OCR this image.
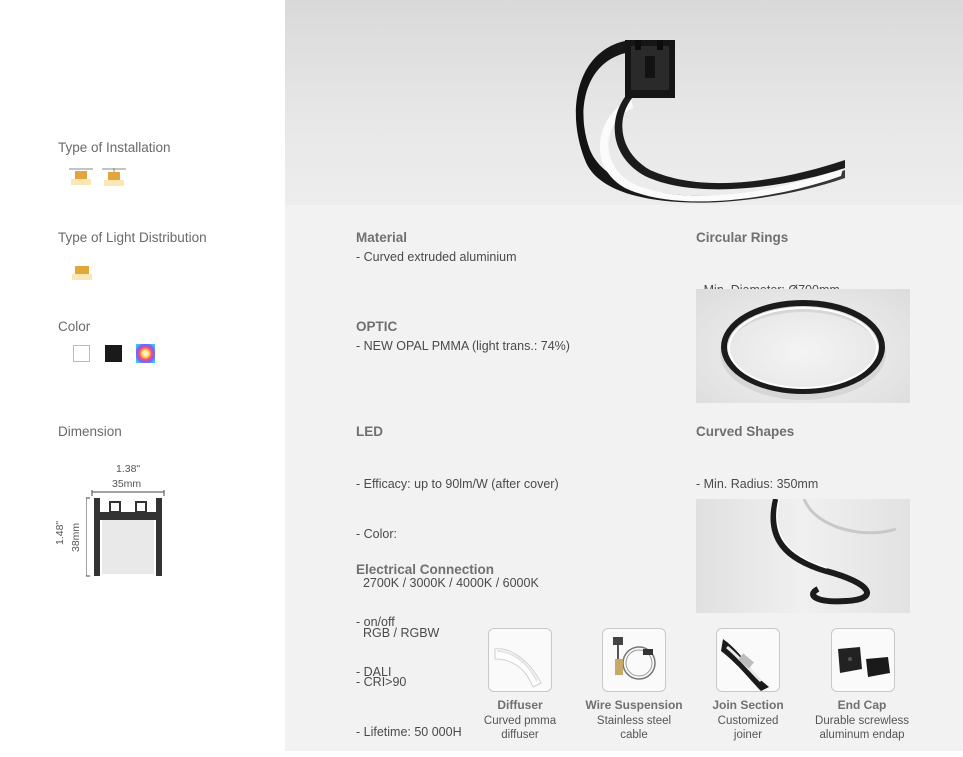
Type of Installation
Type of Light Distribution
Color
Dimension
1.38"
35mm
1.48" 38mm
Material
- Curved extruded aluminium
OPTIC
- NEW OPAL PMMA (light trans.: 74%)
LED

- Efficacy: up to 90lm/W (after cover)

- Color:

2700K / 3000K / 4000K / 6000K

RGB / RGBW

- CRI>90

- Lifetime: 50 000H

Electrical Connection

- on/off

- DALI

Circular Rings

Curved Shapes

- Min. Radius: 350mm

Diffuser
Curved pmma
diffuser
Wire Suspension
Stainless steel
cable
Join Section
Customized
joiner
End Cap
Durable screwless
aluminum endap
